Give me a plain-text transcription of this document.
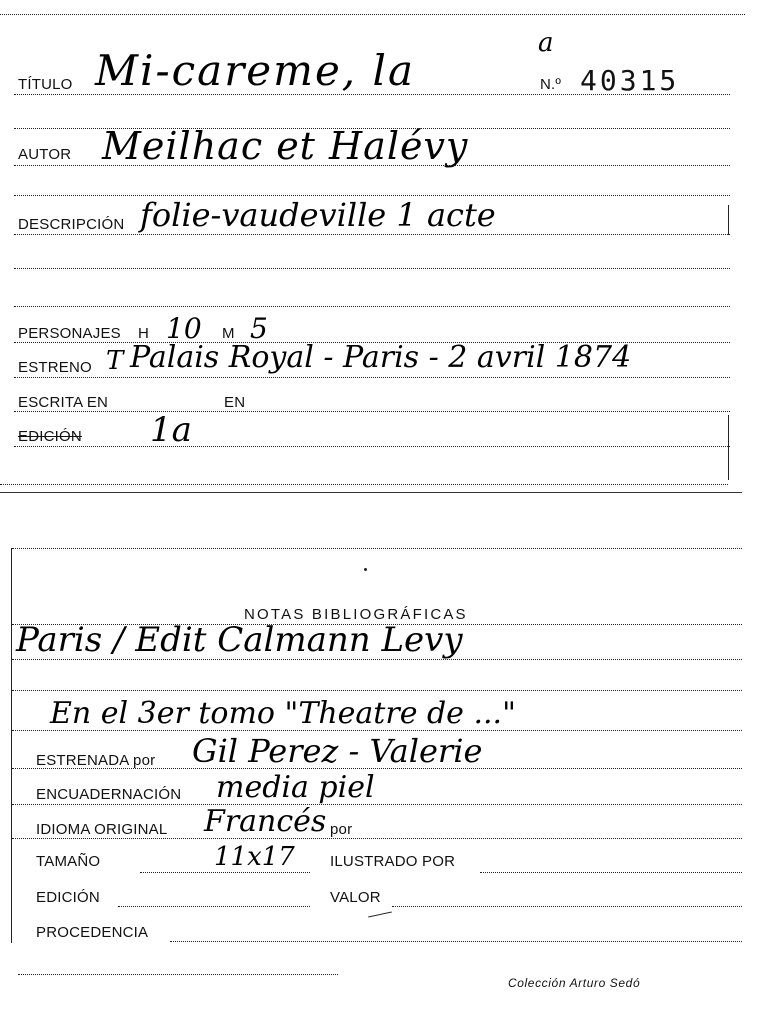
a
TÍTULO Mi-careme, la	N.º 40315
AUTOR Meilhac et Halévy
DESCRIPCIÓN folie-vaudeville 1 acte
PERSONAJES H 10 M 5
ESTRENO T Palais Royal - Paris - 2 avril 1874
ESCRITA EN	EN
EDICIÓN 1a
NOTAS BIBLIOGRÁFICAS
Paris / Edit Calmann Levy
En el 3er tomo "Theatre de ..."
ESTRENADA por Gil Perez - Valerie
ENCUADERNACIÓN media piel
IDIOMA ORIGINAL Francés por
TAMAÑO	11x17 ILUSTRADO POR
EDICIÓN	VALOR
PROCEDENCIA
Colección Arturo Sedó
